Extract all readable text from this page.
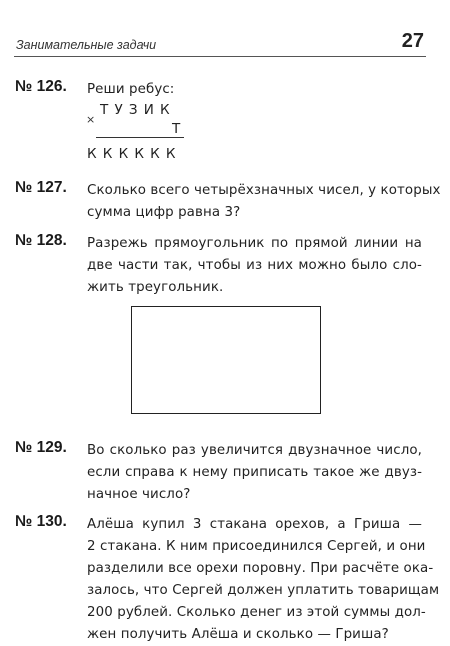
Занимательные задачи	27
№ 126. Реши ребус:
ТУЗИК
×
Т
КККККК
№ 127. Сколько всего четырёхзначных чисел, у которых
сумма цифр равна 3?
№ 128. Разрежь прямоугольник по прямой линии на
две части так, чтобы из них можно было сло-
жить треугольник.
№ 129. Во сколько раз увеличится двузначное число,
если справа к нему приписать такое же двуз-
начное число?
№ 130. Алёша купил 3 стакана орехов, а Гриша —
2 стакана. К ним присоединился Сергей, и они
разделили все орехи поровну. При расчёте ока-
залось, что Сергей должен уплатить товарищам
200 рублей. Сколько денег из этой суммы дол-
жен получить Алёша и сколько — Гриша?
